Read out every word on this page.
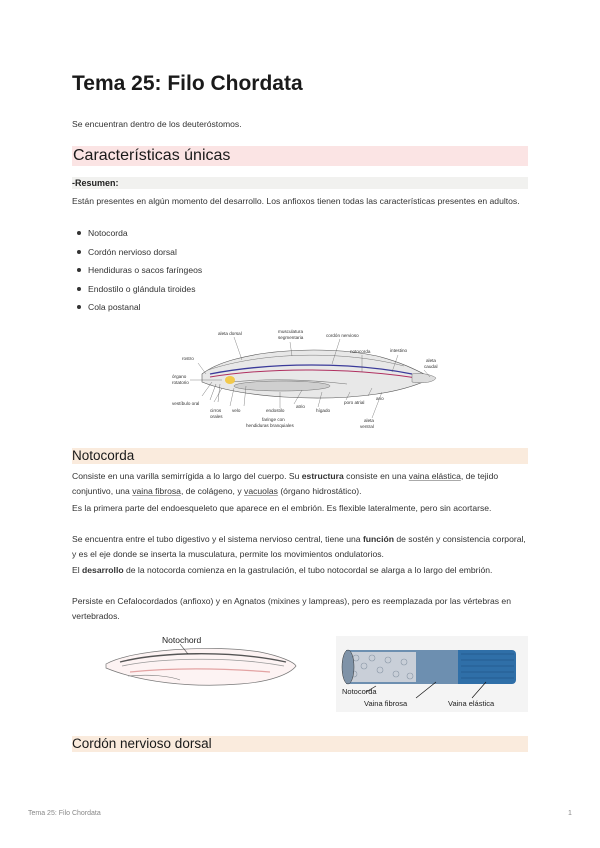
Tema 25: Filo Chordata

Se encuentran dentro de los deuteróstomos.

Características únicas
-Resumen:

Están presentes en algún momento del desarrollo. Los anfioxos tienen todas las características presentes en adultos.

Notocorda
Cordón nervioso dorsal
Hendiduras o sacos faríngeos
Endostilo o glándula tiroides
Cola postanal
aleta dorsal	musculatura
segmentaria	cordón nervioso
notocorda	intestino
aleta
caudal
rostro
órgano
rotatorio
vestíbulo oral
cirros
orales
velo	endostilo
faringe con
hendiduras branquiales
atrio
hígado
poro atrial
ano
aleta
ventral
Notocorda

Consiste en una varilla semirrígida a lo largo del cuerpo. Su estructura consiste en una vaina elástica, de tejido conjuntivo, una vaina fibrosa, de colágeno, y vacuolas (órgano hidrostático).

Es la primera parte del endoesqueleto que aparece en el embrión. Es flexible lateralmente, pero sin acortarse.

Se encuentra entre el tubo digestivo y el sistema nervioso central, tiene una función de sostén y consistencia corporal, y es el eje donde se inserta la musculatura, permite los movimientos ondulatorios.

El desarrollo de la notocorda comienza en la gastrulación, el tubo notocordal se alarga a lo largo del embrión.

Persiste en Cefalocordados (anfioxo) y en Agnatos (mixines y lampreas), pero es reemplazada por las vértebras en vertebrados.

Notochord
Notocorda
Vaina fibrosa	Vaina elástica
Cordón nervioso dorsal
Tema 25: Filo Chordata	1
